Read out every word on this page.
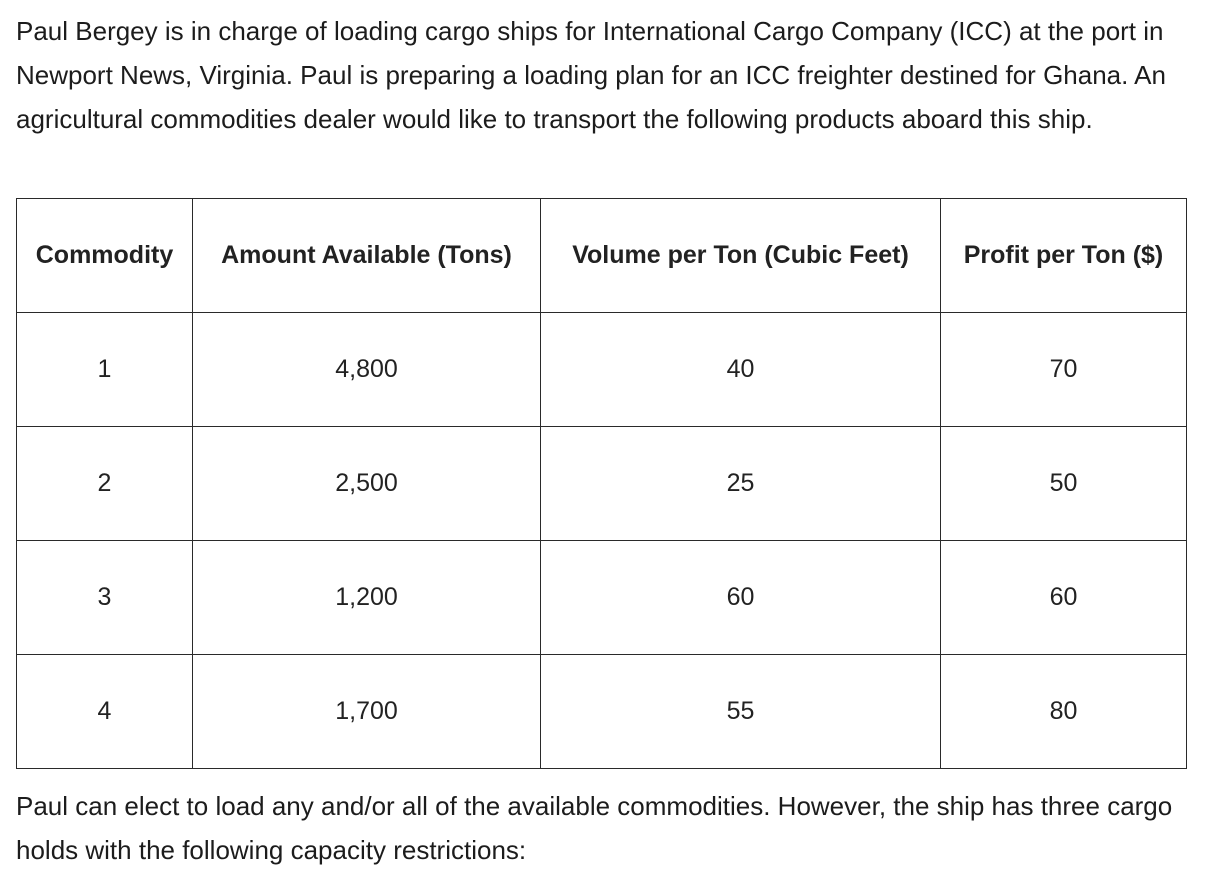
Paul Bergey is in charge of loading cargo ships for International Cargo Company (ICC) at the port in Newport News, Virginia. Paul is preparing a loading plan for an ICC freighter destined for Ghana. An agricultural commodities dealer would like to transport the following products aboard this ship.

Commodity	Amount Available (Tons)	Volume per Ton (Cubic Feet)	Profit per Ton ($)
1	4,800	40	70
2	2,500	25	50
3	1,200	60	60
4	1,700	55	80

Paul can elect to load any and/or all of the available commodities. However, the ship has three cargo holds with the following capacity restrictions:
